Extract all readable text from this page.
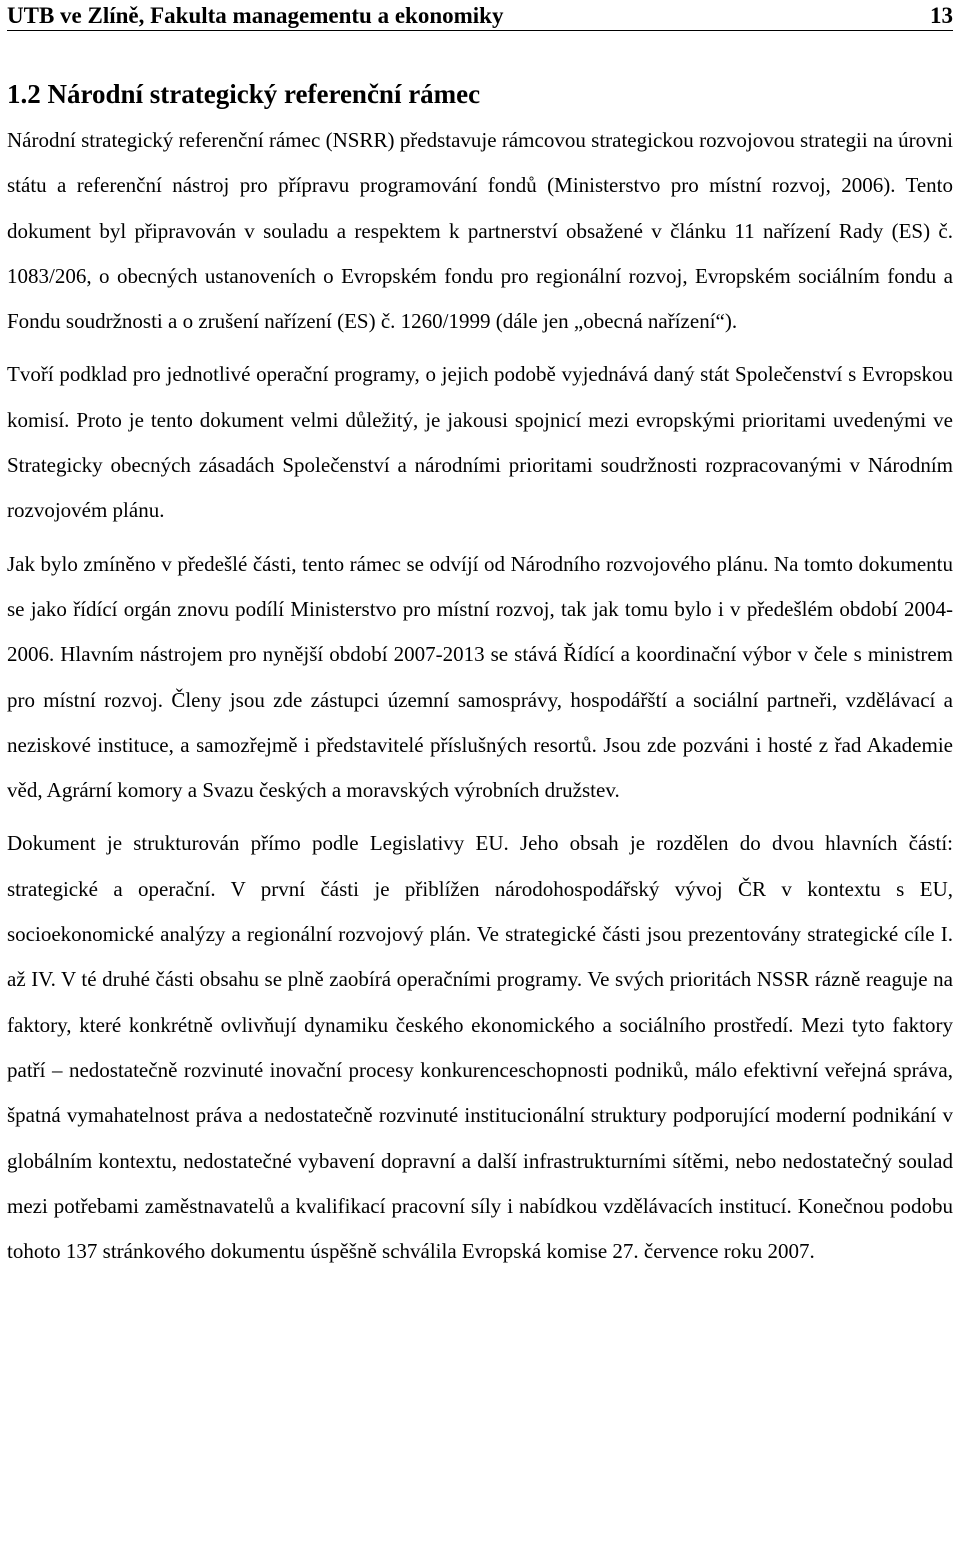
UTB ve Zlíně, Fakulta managementu a ekonomiky	13
1.2 Národní strategický referenční rámec

Národní strategický referenční rámec (NSRR) představuje rámcovou strategickou rozvojovou strategii na úrovni státu a referenční nástroj pro přípravu programování fondů (Ministerstvo pro místní rozvoj, 2006). Tento dokument byl připravován v souladu a respektem k partnerství obsažené v článku 11 nařízení Rady (ES) č. 1083/206, o obecných ustanoveních o Evropském fondu pro regionální rozvoj, Evropském sociálním fondu a Fondu soudržnosti a o zrušení nařízení (ES) č. 1260/1999 (dále jen „obecná nařízení“).

Tvoří podklad pro jednotlivé operační programy, o jejich podobě vyjednává daný stát Společenství s Evropskou komisí. Proto je tento dokument velmi důležitý, je jakousi spojnicí mezi evropskými prioritami uvedenými ve Strategicky obecných zásadách Společenství a národními prioritami soudržnosti rozpracovanými v Národním rozvojovém plánu.

Jak bylo zmíněno v předešlé části, tento rámec se odvíjí od Národního rozvojového plánu. Na tomto dokumentu se jako řídící orgán znovu podílí Ministerstvo pro místní rozvoj, tak jak tomu bylo i v předešlém období 2004- 2006. Hlavním nástrojem pro nynější období 2007-2013 se stává Řídící a koordinační výbor v čele s ministrem pro místní rozvoj. Členy jsou zde zástupci územní samosprávy, hospodářští a sociální partneři, vzdělávací a neziskové instituce, a samozřejmě i představitelé příslušných resortů. Jsou zde pozváni i hosté z řad Akademie věd, Agrární komory a Svazu českých a moravských výrobních družstev.

Dokument je strukturován přímo podle Legislativy EU. Jeho obsah je rozdělen do dvou hlavních částí: strategické a operační. V první části je přiblížen národohospodářský vývoj ČR v kontextu s EU, socioekonomické analýzy a regionální rozvojový plán. Ve strategické části jsou prezentovány strategické cíle I. až IV. V té druhé části obsahu se plně zaobírá operačními programy. Ve svých prioritách NSSR rázně reaguje na faktory, které konkrétně ovlivňují dynamiku českého ekonomického a sociálního prostředí. Mezi tyto faktory patří – nedostatečně rozvinuté inovační procesy konkurenceschopnosti podniků, málo efektivní veřejná správa, špatná vymahatelnost práva a nedostatečně rozvinuté institucionální struktury podporující moderní podnikání v globálním kontextu, nedostatečné vybavení dopravní a další infrastrukturními sítěmi, nebo nedostatečný soulad mezi potřebami zaměstnavatelů a kvalifikací pracovní síly i nabídkou vzdělávacích institucí. Konečnou podobu tohoto 137 stránkového dokumentu úspěšně schválila Evropská komise 27. července roku 2007.
